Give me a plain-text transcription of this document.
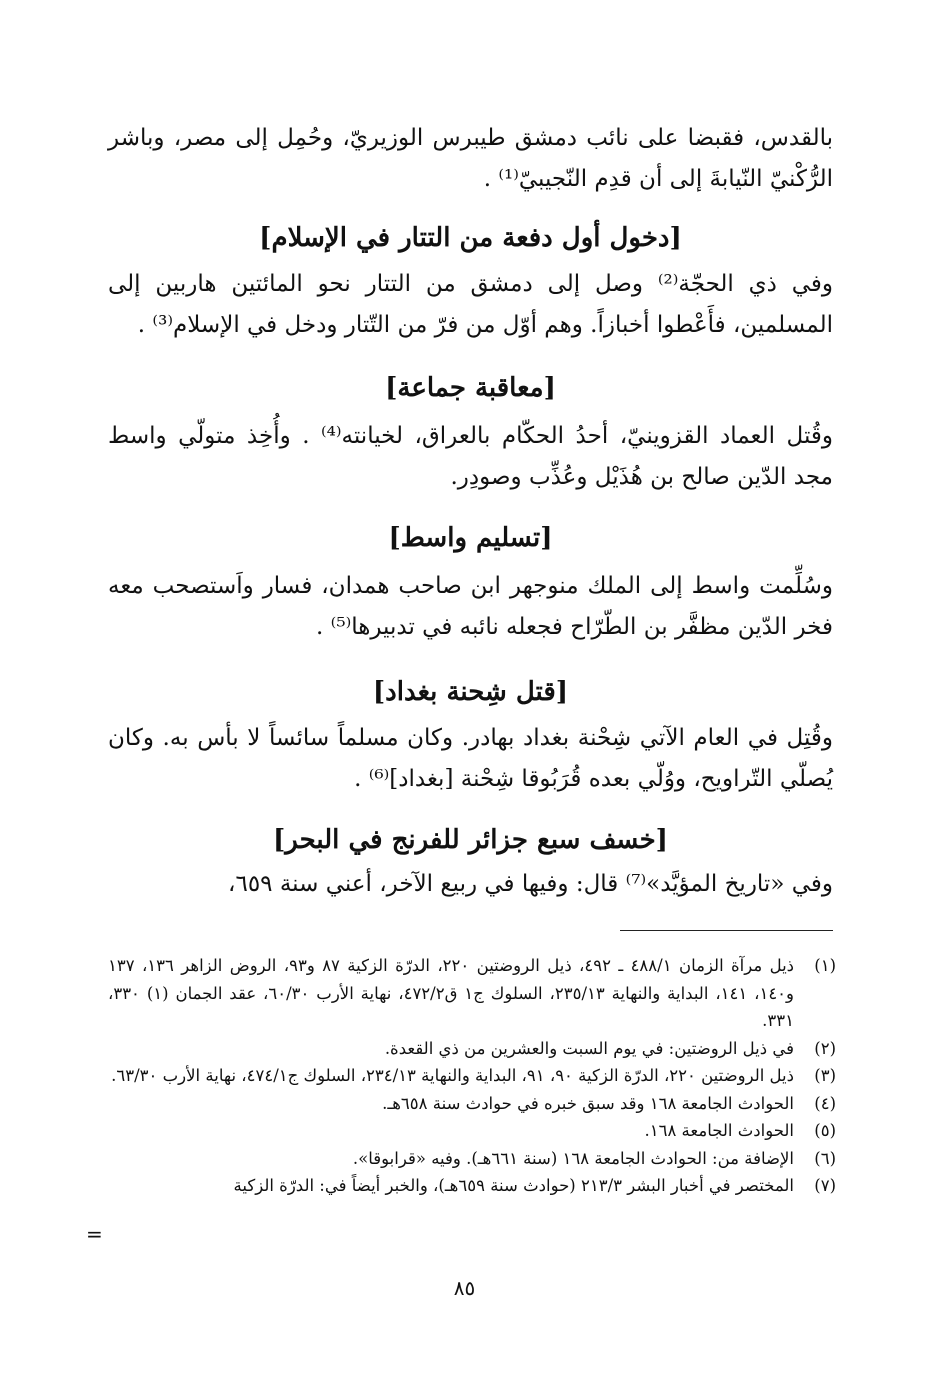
بالقدس، فقبضا على نائب دمشق طيبرس الوزيريّ، وحُمِل إلى مصر، وباشر الرُّكْنيّ النّيابةَ إلى أن قدِم النّجيبيّ⁽¹⁾ .

[دخول أول دفعة من التتار في الإسلام]

وفي ذي الحجّة⁽²⁾ وصل إلى دمشق من التتار نحو المائتين هاربين إلى المسلمين، فأَعْطوا أخبازاً. وهم أوّل من فرّ من التّتار ودخل في الإسلام⁽³⁾ .

[معاقبة جماعة]

وقُتل العماد القزوينيّ، أحدُ الحكّام بالعراق، لخيانته⁽⁴⁾ . وأُخِذ متولّي واسط مجد الدّين صالح بن هُذَيْل وعُذِّب وصودِر.

[تسليم واسط]

وسُلِّمت واسط إلى الملك منوجهر ابن صاحب همدان، فسار واَستصحب معه فخر الدّين مظفَّر بن الطّرّاح فجعله نائبه في تدبيرها⁽⁵⁾ .

[قتل شِحنة بغداد]

وقُتِل في العام الآتي شِحْنة بغداد بهادر. وكان مسلماً سائساً لا بأس به. وكان يُصلّي التّراويح، ووُلّي بعده قُرَبُوقا شِحْنة [بغداد]⁽⁶⁾ .

[خسف سبع جزائر للفرنج في البحر]

وفي «تاريخ المؤيَّد»⁽⁷⁾ قال: وفيها في ربيع الآخر، أعني سنة ٦٥٩،

(١)
ذيل مرآة الزمان ٤٨٨/١ ـ ٤٩٢، ذيل الروضتين ٢٢٠، الدرّة الزكية ٨٧ و٩٣، الروض الزاهر ١٣٦، ١٣٧ و١٤٠، ١٤١، البداية والنهاية ٢٣٥/١٣، السلوك ج١ ق٤٧٢/٢، نهاية الأرب ٦٠/٣٠، عقد الجمان (١) ٣٣٠، ٣٣١.
(٢)
في ذيل الروضتين: في يوم السبت والعشرين من ذي القعدة.
(٣)
ذيل الروضتين ٢٢٠، الدرّة الزكية ٩٠، ٩١، البداية والنهاية ٢٣٤/١٣، السلوك ج٤٧٤/١، نهاية الأرب ٦٣/٣٠.
(٤)
الحوادث الجامعة ١٦٨ وقد سبق خبره في حوادث سنة ٦٥٨هـ.
(٥)
الحوادث الجامعة ١٦٨.
(٦)
الإضافة من: الحوادث الجامعة ١٦٨ (سنة ٦٦١هـ). وفيه «قرابوقا».
(٧)
المختصر في أخبار البشر ٢١٣/٣ (حوادث سنة ٦٥٩هـ)، والخبر أيضاً في: الدرّة الزكية
=
٨٥
